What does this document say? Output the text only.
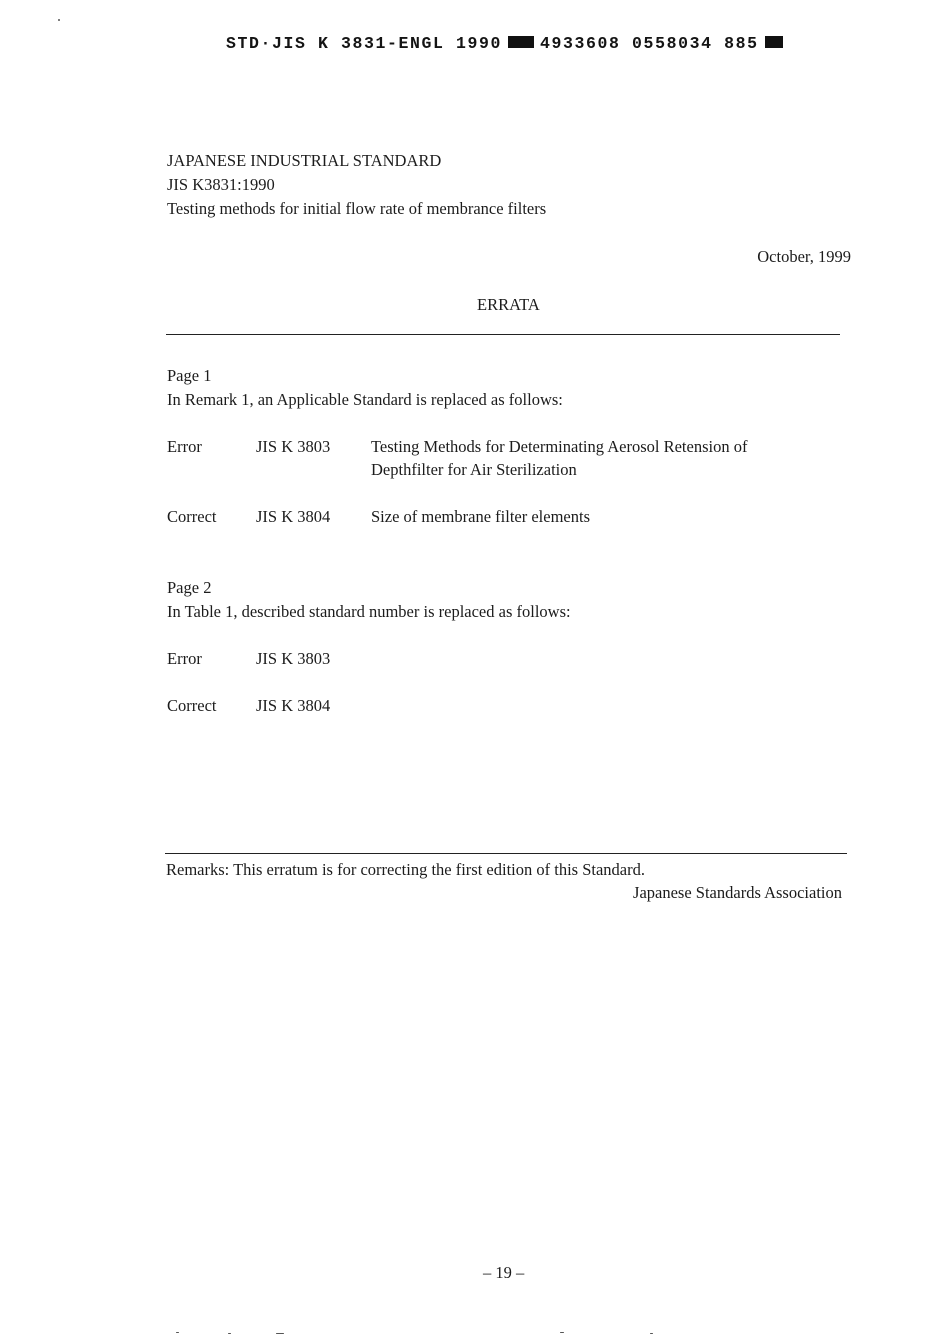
STD·JIS K 3831-ENGL 1990 4933608 0558034 885
JAPANESE INDUSTRIAL STANDARD
JIS K3831:1990
Testing methods for initial flow rate of membrance filters
October, 1999
ERRATA
Page 1
In Remark 1, an Applicable Standard is replaced as follows:
Error	JIS K 3803 Testing Methods for Determinating Aerosol Retension of
Depthfilter for Air Sterilization
Correct JIS K 3804 Size of membrane filter elements
Page 2
In Table 1, described standard number is replaced as follows:
Error	JIS K 3803
Correct JIS K 3804
Remarks: This erratum is for correcting the first edition of this Standard.
Japanese Standards Association
– 19 –
